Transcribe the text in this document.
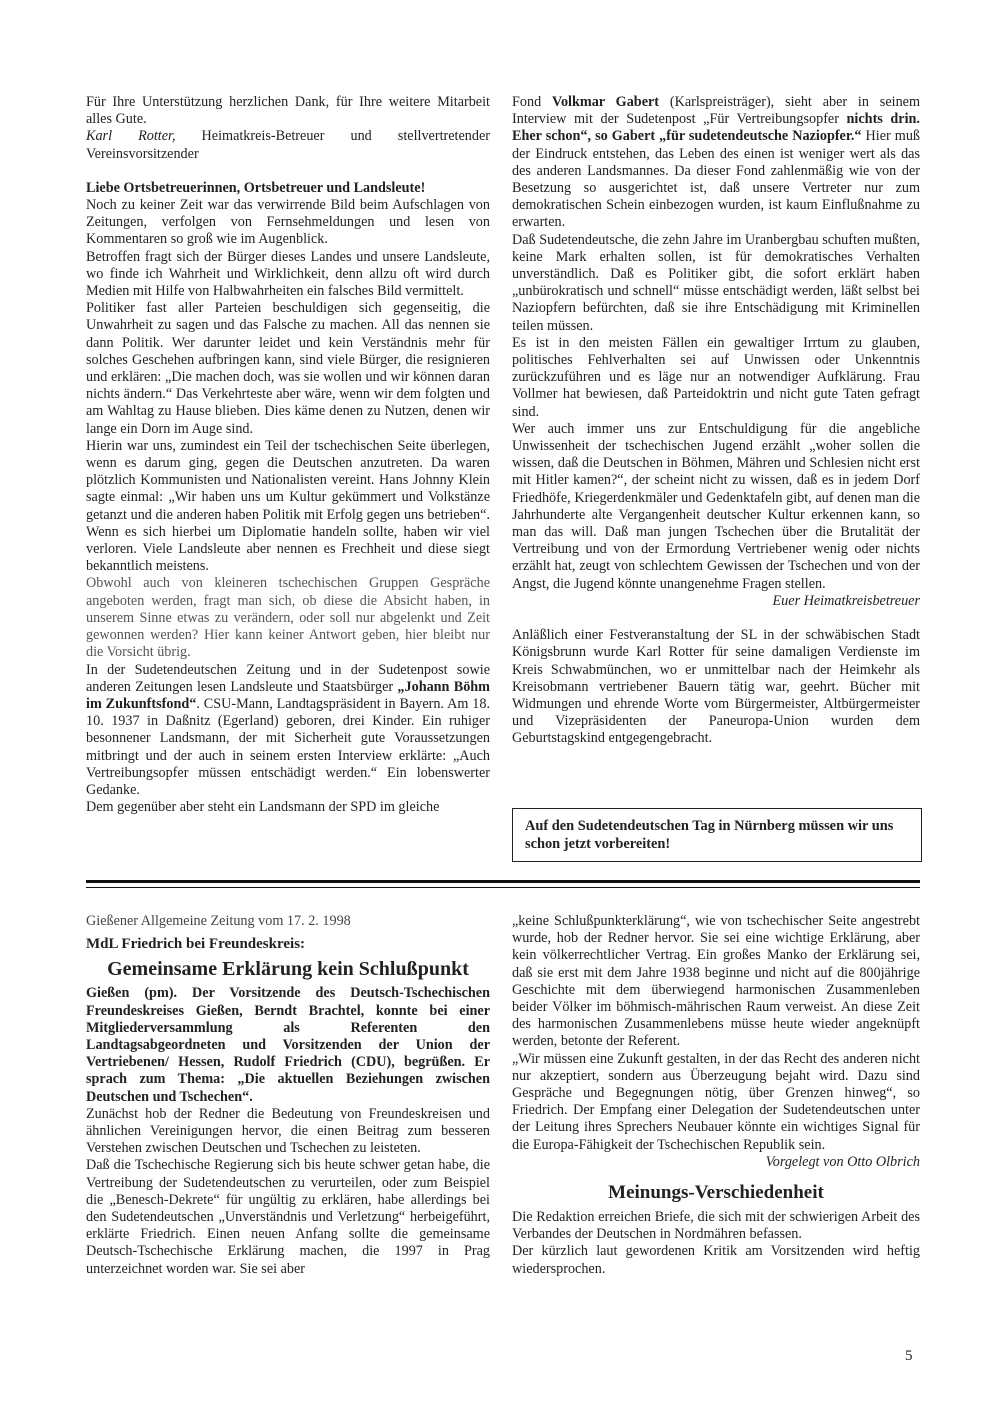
Für Ihre Unterstützung herzlichen Dank, für Ihre weitere Mitarbeit alles Gute.

Karl Rotter, Heimatkreis-Betreuer und stellvertretender Vereinsvorsitzender

Liebe Ortsbetreuerinnen, Ortsbetreuer und Landsleute!

Noch zu keiner Zeit war das verwirrende Bild beim Aufschlagen von Zeitungen, verfolgen von Fernsehmeldungen und lesen von Kommentaren so groß wie im Augenblick.

Betroffen fragt sich der Bürger dieses Landes und unsere Landsleute, wo finde ich Wahrheit und Wirklichkeit, denn allzu oft wird durch Medien mit Hilfe von Halbwahrheiten ein falsches Bild vermittelt.

Politiker fast aller Parteien beschuldigen sich gegenseitig, die Unwahrheit zu sagen und das Falsche zu machen. All das nennen sie dann Politik. Wer darunter leidet und kein Verständnis mehr für solches Geschehen aufbringen kann, sind viele Bürger, die resignieren und erklären: „Die machen doch, was sie wollen und wir können daran nichts ändern.“ Das Verkehrteste aber wäre, wenn wir dem folgten und am Wahltag zu Hause blieben. Dies käme denen zu Nutzen, denen wir lange ein Dorn im Auge sind.

Hierin war uns, zumindest ein Teil der tschechischen Seite überlegen, wenn es darum ging, gegen die Deutschen anzutreten. Da waren plötzlich Kommunisten und Nationalisten vereint. Hans Johnny Klein sagte einmal: „Wir haben uns um Kultur gekümmert und Volkstänze getanzt und die anderen haben Politik mit Erfolg gegen uns betrieben“. Wenn es sich hierbei um Diplomatie handeln sollte, haben wir viel verloren. Viele Landsleute aber nennen es Frechheit und diese siegt bekanntlich meistens.

Obwohl auch von kleineren tschechischen Gruppen Gespräche angeboten werden, fragt man sich, ob diese die Absicht haben, in unserem Sinne etwas zu verändern, oder soll nur abgelenkt und Zeit gewonnen werden? Hier kann keiner Antwort geben, hier bleibt nur die Vorsicht übrig.

In der Sudetendeutschen Zeitung und in der Sudetenpost sowie anderen Zeitungen lesen Landsleute und Staatsbürger „Johann Böhm im Zukunftsfond“. CSU-Mann, Landtagspräsident in Bayern. Am 18. 10. 1937 in Daßnitz (Egerland) geboren, drei Kinder. Ein ruhiger besonnener Landsmann, der mit Sicherheit gute Voraussetzungen mitbringt und der auch in seinem ersten Interview erklärte: „Auch Vertreibungsopfer müssen entschädigt werden.“ Ein lobenswerter Gedanke.

Dem gegenüber aber steht ein Landsmann der SPD im gleiche

Fond Volkmar Gabert (Karlspreisträger), sieht aber in seinem Interview mit der Sudetenpost „Für Vertreibungsopfer nichts drin. Eher schon“, so Gabert „für sudetendeutsche Naziopfer.“ Hier muß der Eindruck entstehen, das Leben des einen ist weniger wert als das des anderen Landsmannes. Da dieser Fond zahlenmäßig wie von der Besetzung so ausgerichtet ist, daß unsere Vertreter nur zum demokratischen Schein einbezogen wurden, ist kaum Einflußnahme zu erwarten.

Daß Sudetendeutsche, die zehn Jahre im Uranbergbau schuften mußten, keine Mark erhalten sollen, ist für demokratisches Verhalten unverständlich. Daß es Politiker gibt, die sofort erklärt haben „unbürokratisch und schnell“ müsse entschädigt werden, läßt selbst bei Naziopfern befürchten, daß sie ihre Entschädigung mit Kriminellen teilen müssen.

Es ist in den meisten Fällen ein gewaltiger Irrtum zu glauben, politisches Fehlverhalten sei auf Unwissen oder Unkenntnis zurückzuführen und es läge nur an notwendiger Aufklärung. Frau Vollmer hat bewiesen, daß Parteidoktrin und nicht gute Taten gefragt sind.

Wer auch immer uns zur Entschuldigung für die angebliche Unwissenheit der tschechischen Jugend erzählt „woher sollen die wissen, daß die Deutschen in Böhmen, Mähren und Schlesien nicht erst mit Hitler kamen?“, der scheint nicht zu wissen, daß es in jedem Dorf Friedhöfe, Kriegerdenkmäler und Gedenktafeln gibt, auf denen man die Jahrhunderte alte Vergangenheit deutscher Kultur erkennen kann, so man das will. Daß man jungen Tschechen über die Brutalität der Vertreibung und von der Ermordung Vertriebener wenig oder nichts erzählt hat, zeugt von schlechtem Gewissen der Tschechen und von der Angst, die Jugend könnte unangenehme Fragen stellen.

Euer Heimatkreisbetreuer

Anläßlich einer Festveranstaltung der SL in der schwäbischen Stadt Königsbrunn wurde Karl Rotter für seine damaligen Verdienste im Kreis Schwabmünchen, wo er unmittelbar nach der Heimkehr als Kreisobmann vertriebener Bauern tätig war, geehrt. Bücher mit Widmungen und ehrende Worte vom Bürgermeister, Altbürgermeister und Vizepräsidenten der Paneuropa-Union wurden dem Geburtstagskind entgegengebracht.

Auf den Sudetendeutschen Tag in Nürnberg müssen wir uns schon jetzt vorbereiten!

Gießener Allgemeine Zeitung vom 17. 2. 1998

MdL Friedrich bei Freundeskreis:

Gemeinsame Erklärung kein Schlußpunkt

Gießen (pm). Der Vorsitzende des Deutsch-Tschechischen Freundeskreises Gießen, Berndt Brachtel, konnte bei einer Mitgliederversammlung als Referenten den Landtagsabgeordneten und Vorsitzenden der Union der Vertriebenen/ Hessen, Rudolf Friedrich (CDU), begrüßen. Er sprach zum Thema: „Die aktuellen Beziehungen zwischen Deutschen und Tschechen“.

Zunächst hob der Redner die Bedeutung von Freundeskreisen und ähnlichen Vereinigungen hervor, die einen Beitrag zum besseren Verstehen zwischen Deutschen und Tschechen zu leisteten.

Daß die Tschechische Regierung sich bis heute schwer getan habe, die Vertreibung der Sudetendeutschen zu verurteilen, oder zum Beispiel die „Benesch-Dekrete“ für ungültig zu erklären, habe allerdings bei den Sudetendeutschen „Unverständnis und Verletzung“ herbeigeführt, erklärte Friedrich. Einen neuen Anfang sollte die gemeinsame Deutsch-Tschechische Erklärung machen, die 1997 in Prag unterzeichnet worden war. Sie sei aber

„keine Schlußpunkterklärung“, wie von tschechischer Seite angestrebt wurde, hob der Redner hervor. Sie sei eine wichtige Erklärung, aber kein völkerrechtlicher Vertrag. Ein großes Manko der Erklärung sei, daß sie erst mit dem Jahre 1938 beginne und nicht auf die 800jährige Geschichte mit dem überwiegend harmonischen Zusammenleben beider Völker im böhmisch-mährischen Raum verweist. An diese Zeit des harmonischen Zusammenlebens müsse heute wieder angeknüpft werden, betonte der Referent.

„Wir müssen eine Zukunft gestalten, in der das Recht des anderen nicht nur akzeptiert, sondern aus Überzeugung bejaht wird. Dazu sind Gespräche und Begegnungen nötig, über Grenzen hinweg“, so Friedrich. Der Empfang einer Delegation der Sudetendeutschen unter der Leitung ihres Sprechers Neubauer könnte ein wichtiges Signal für die Europa-Fähigkeit der Tschechischen Republik sein.

Vorgelegt von Otto Olbrich

Meinungs-Verschiedenheit

Die Redaktion erreichen Briefe, die sich mit der schwierigen Arbeit des Verbandes der Deutschen in Nordmähren befassen.

Der kürzlich laut gewordenen Kritik am Vorsitzenden wird heftig wiedersprochen.

5
